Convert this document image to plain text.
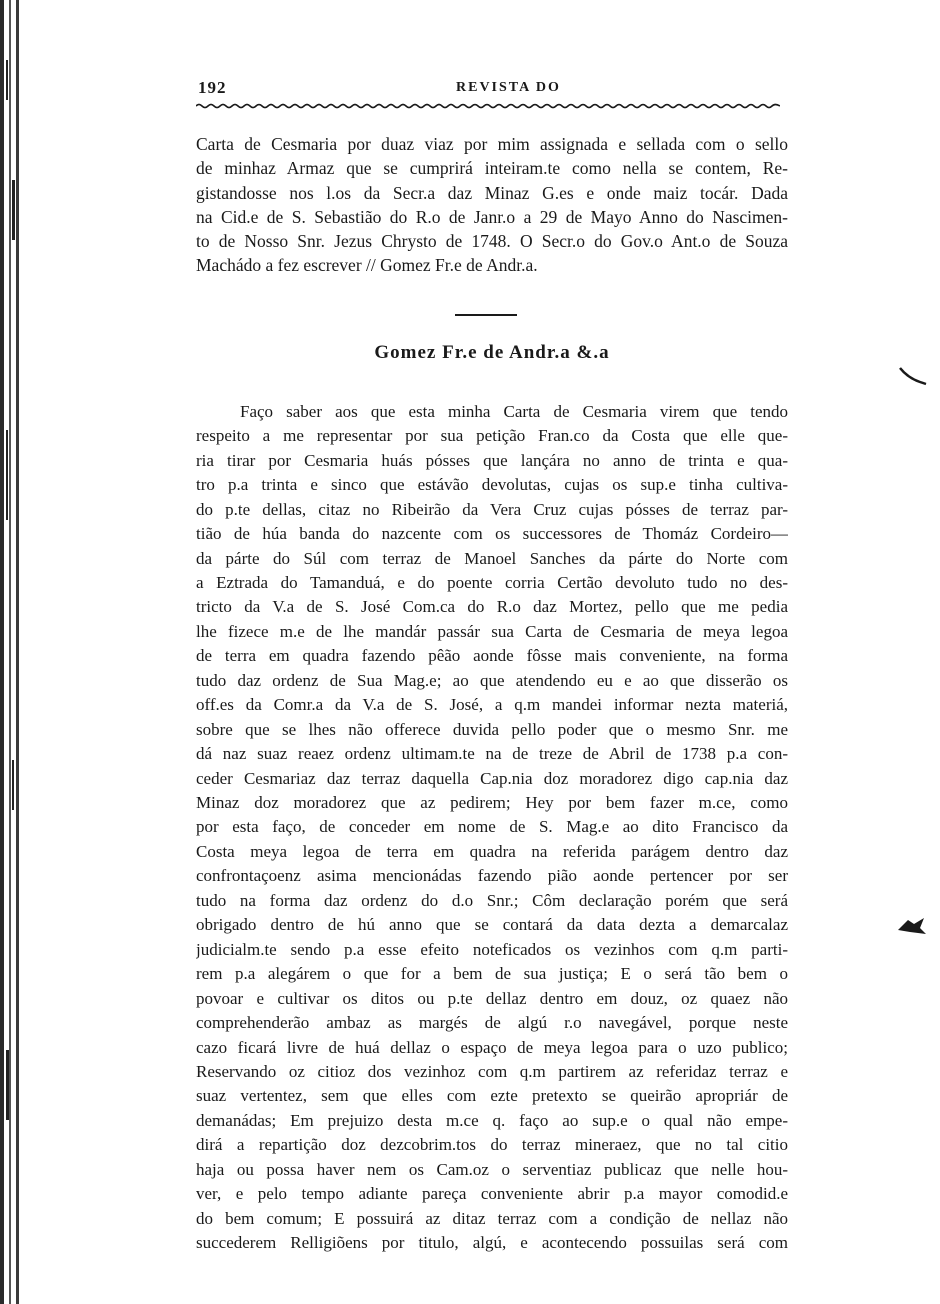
192	REVISTA DO
Carta de Cesmaria por duaz viaz por mim assignada e sellada com o sello
de minhaz Armaz que se cumprirá inteiram.te como nella se contem, Re-
gistandosse nos l.os da Secr.a daz Minaz G.es e onde maiz tocár. Dada
na Cid.e de S. Sebastião do R.o de Janr.o a 29 de Mayo Anno do Nascimen-
to de Nosso Snr. Jezus Chrysto de 1748. O Secr.o do Gov.o Ant.o de Souza
Machádo a fez escrever // Gomez Fr.e de Andr.a.
Gomez Fr.e de Andr.a &.a
Faço saber aos que esta minha Carta de Cesmaria virem que tendo
respeito a me representar por sua petição Fran.co da Costa que elle que-
ria tirar por Cesmaria huás pósses que lançára no anno de trinta e qua-
tro p.a trinta e sinco que estávão devolutas, cujas os sup.e tinha cultiva-
do p.te dellas, citaz no Ribeirão da Vera Cruz cujas pósses de terraz par-
tião de húa banda do nazcente com os successores de Thomáz Cordeiro—
da párte do Súl com terraz de Manoel Sanches da párte do Norte com
a Eztrada do Tamanduá, e do poente corria Certão devoluto tudo no des-
tricto da V.a de S. José Com.ca do R.o daz Mortez, pello que me pedia
lhe fizece m.e de lhe mandár passár sua Carta de Cesmaria de meya legoa
de terra em quadra fazendo pêão aonde fôsse mais conveniente, na forma
tudo daz ordenz de Sua Mag.e; ao que atendendo eu e ao que disserão os
off.es da Comr.a da V.a de S. José, a q.m mandei informar nezta materiá,
sobre que se lhes não offerece duvida pello poder que o mesmo Snr. me
dá naz suaz reaez ordenz ultimam.te na de treze de Abril de 1738 p.a con-
ceder Cesmariaz daz terraz daquella Cap.nia doz moradorez digo cap.nia daz
Minaz doz moradorez que az pedirem; Hey por bem fazer m.ce, como
por esta faço, de conceder em nome de S. Mag.e ao dito Francisco da
Costa meya legoa de terra em quadra na referida parágem dentro daz
confrontaçoenz asima mencionádas fazendo pião aonde pertencer por ser
tudo na forma daz ordenz do d.o Snr.; Côm declaração porém que será
obrigado dentro de hú anno que se contará da data dezta a demarcalaz
judicialm.te sendo p.a esse efeito noteficados os vezinhos com q.m parti-
rem p.a alegárem o que for a bem de sua justiça; E o será tão bem o
povoar e cultivar os ditos ou p.te dellaz dentro em douz, oz quaez não
comprehenderão ambaz as margés de algú r.o navegável, porque neste
cazo ficará livre de huá dellaz o espaço de meya legoa para o uzo publico;
Reservando oz citioz dos vezinhoz com q.m partirem az referidaz terraz e
suaz vertentez, sem que elles com ezte pretexto se queirão apropriár de
demanádas; Em prejuizo desta m.ce q. faço ao sup.e o qual não empe-
dirá a repartição doz dezcobrim.tos do terraz mineraez, que no tal citio
haja ou possa haver nem os Cam.oz o serventiaz publicaz que nelle hou-
ver, e pelo tempo adiante pareça conveniente abrir p.a mayor comodid.e
do bem comum; E possuirá az ditaz terraz com a condição de nellaz não
succederem Relligiõens por titulo, algú, e acontecendo possuilas será com
